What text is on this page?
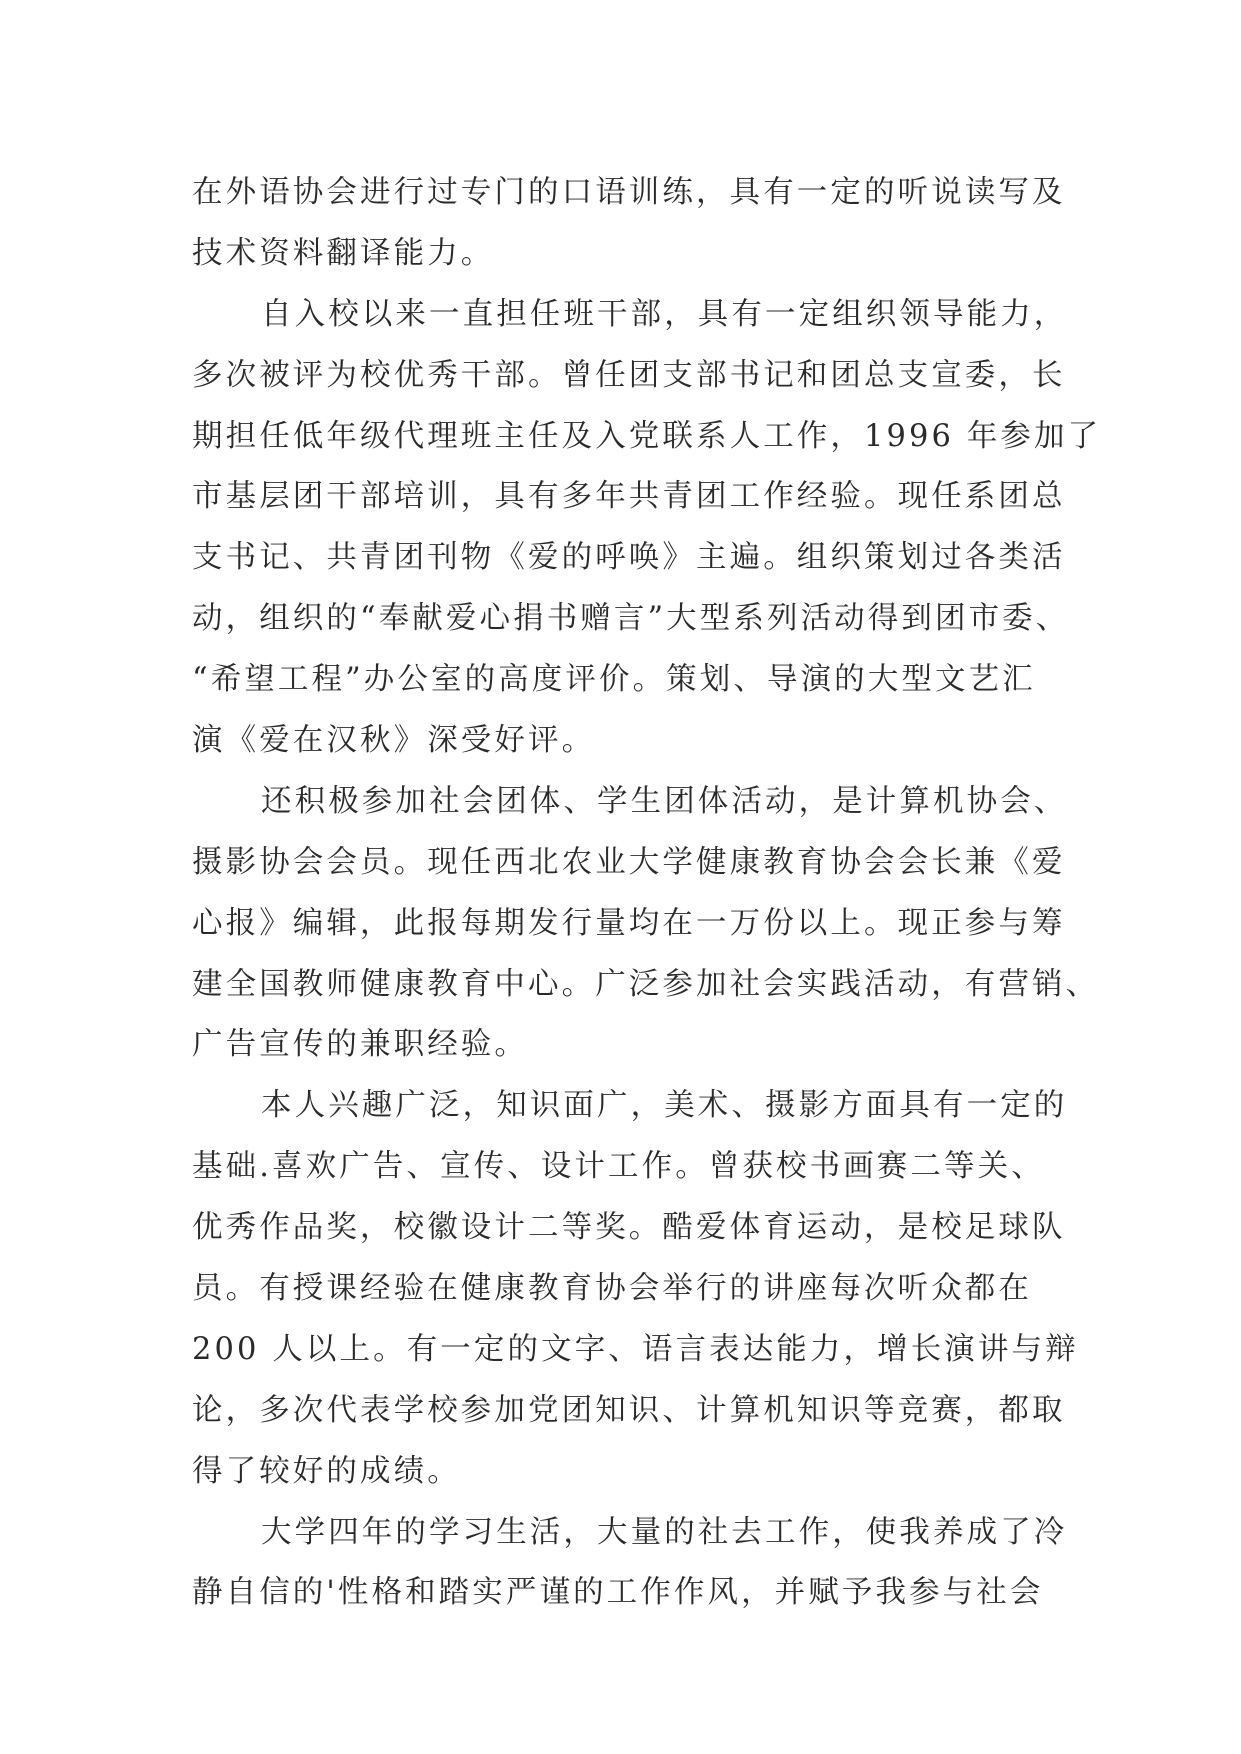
在外语协会进行过专门的口语训练，具有一定的听说读写及
技术资料翻译能力。
自入校以来一直担任班干部，具有一定组织领导能力，
多次被评为校优秀干部。曾任团支部书记和团总支宣委，长
期担任低年级代理班主任及入党联系人工作，1996 年参加了
市基层团干部培训，具有多年共青团工作经验。现任系团总
支书记、共青团刊物《爱的呼唤》主遍。组织策划过各类活
动，组织的“奉献爱心捐书赠言”大型系列活动得到团市委、
“希望工程”办公室的高度评价。策划、导演的大型文艺汇
演《爱在汉秋》深受好评。
还积极参加社会团体、学生团体活动，是计算机协会、
摄影协会会员。现任西北农业大学健康教育协会会长兼《爱
心报》编辑，此报每期发行量均在一万份以上。现正参与筹
建全国教师健康教育中心。广泛参加社会实践活动，有营销、
广告宣传的兼职经验。
本人兴趣广泛，知识面广，美术、摄影方面具有一定的
基础.喜欢广告、宣传、设计工作。曾获校书画赛二等关、
优秀作品奖，校徽设计二等奖。酷爱体育运动，是校足球队
员。有授课经验在健康教育协会举行的讲座每次听众都在
200 人以上。有一定的文字、语言表达能力，增长演讲与辩
论，多次代表学校参加党团知识、计算机知识等竞赛，都取
得了较好的成绩。
大学四年的学习生活，大量的社去工作，使我养成了冷
静自信的'性格和踏实严谨的工作作风，并赋予我参与社会
